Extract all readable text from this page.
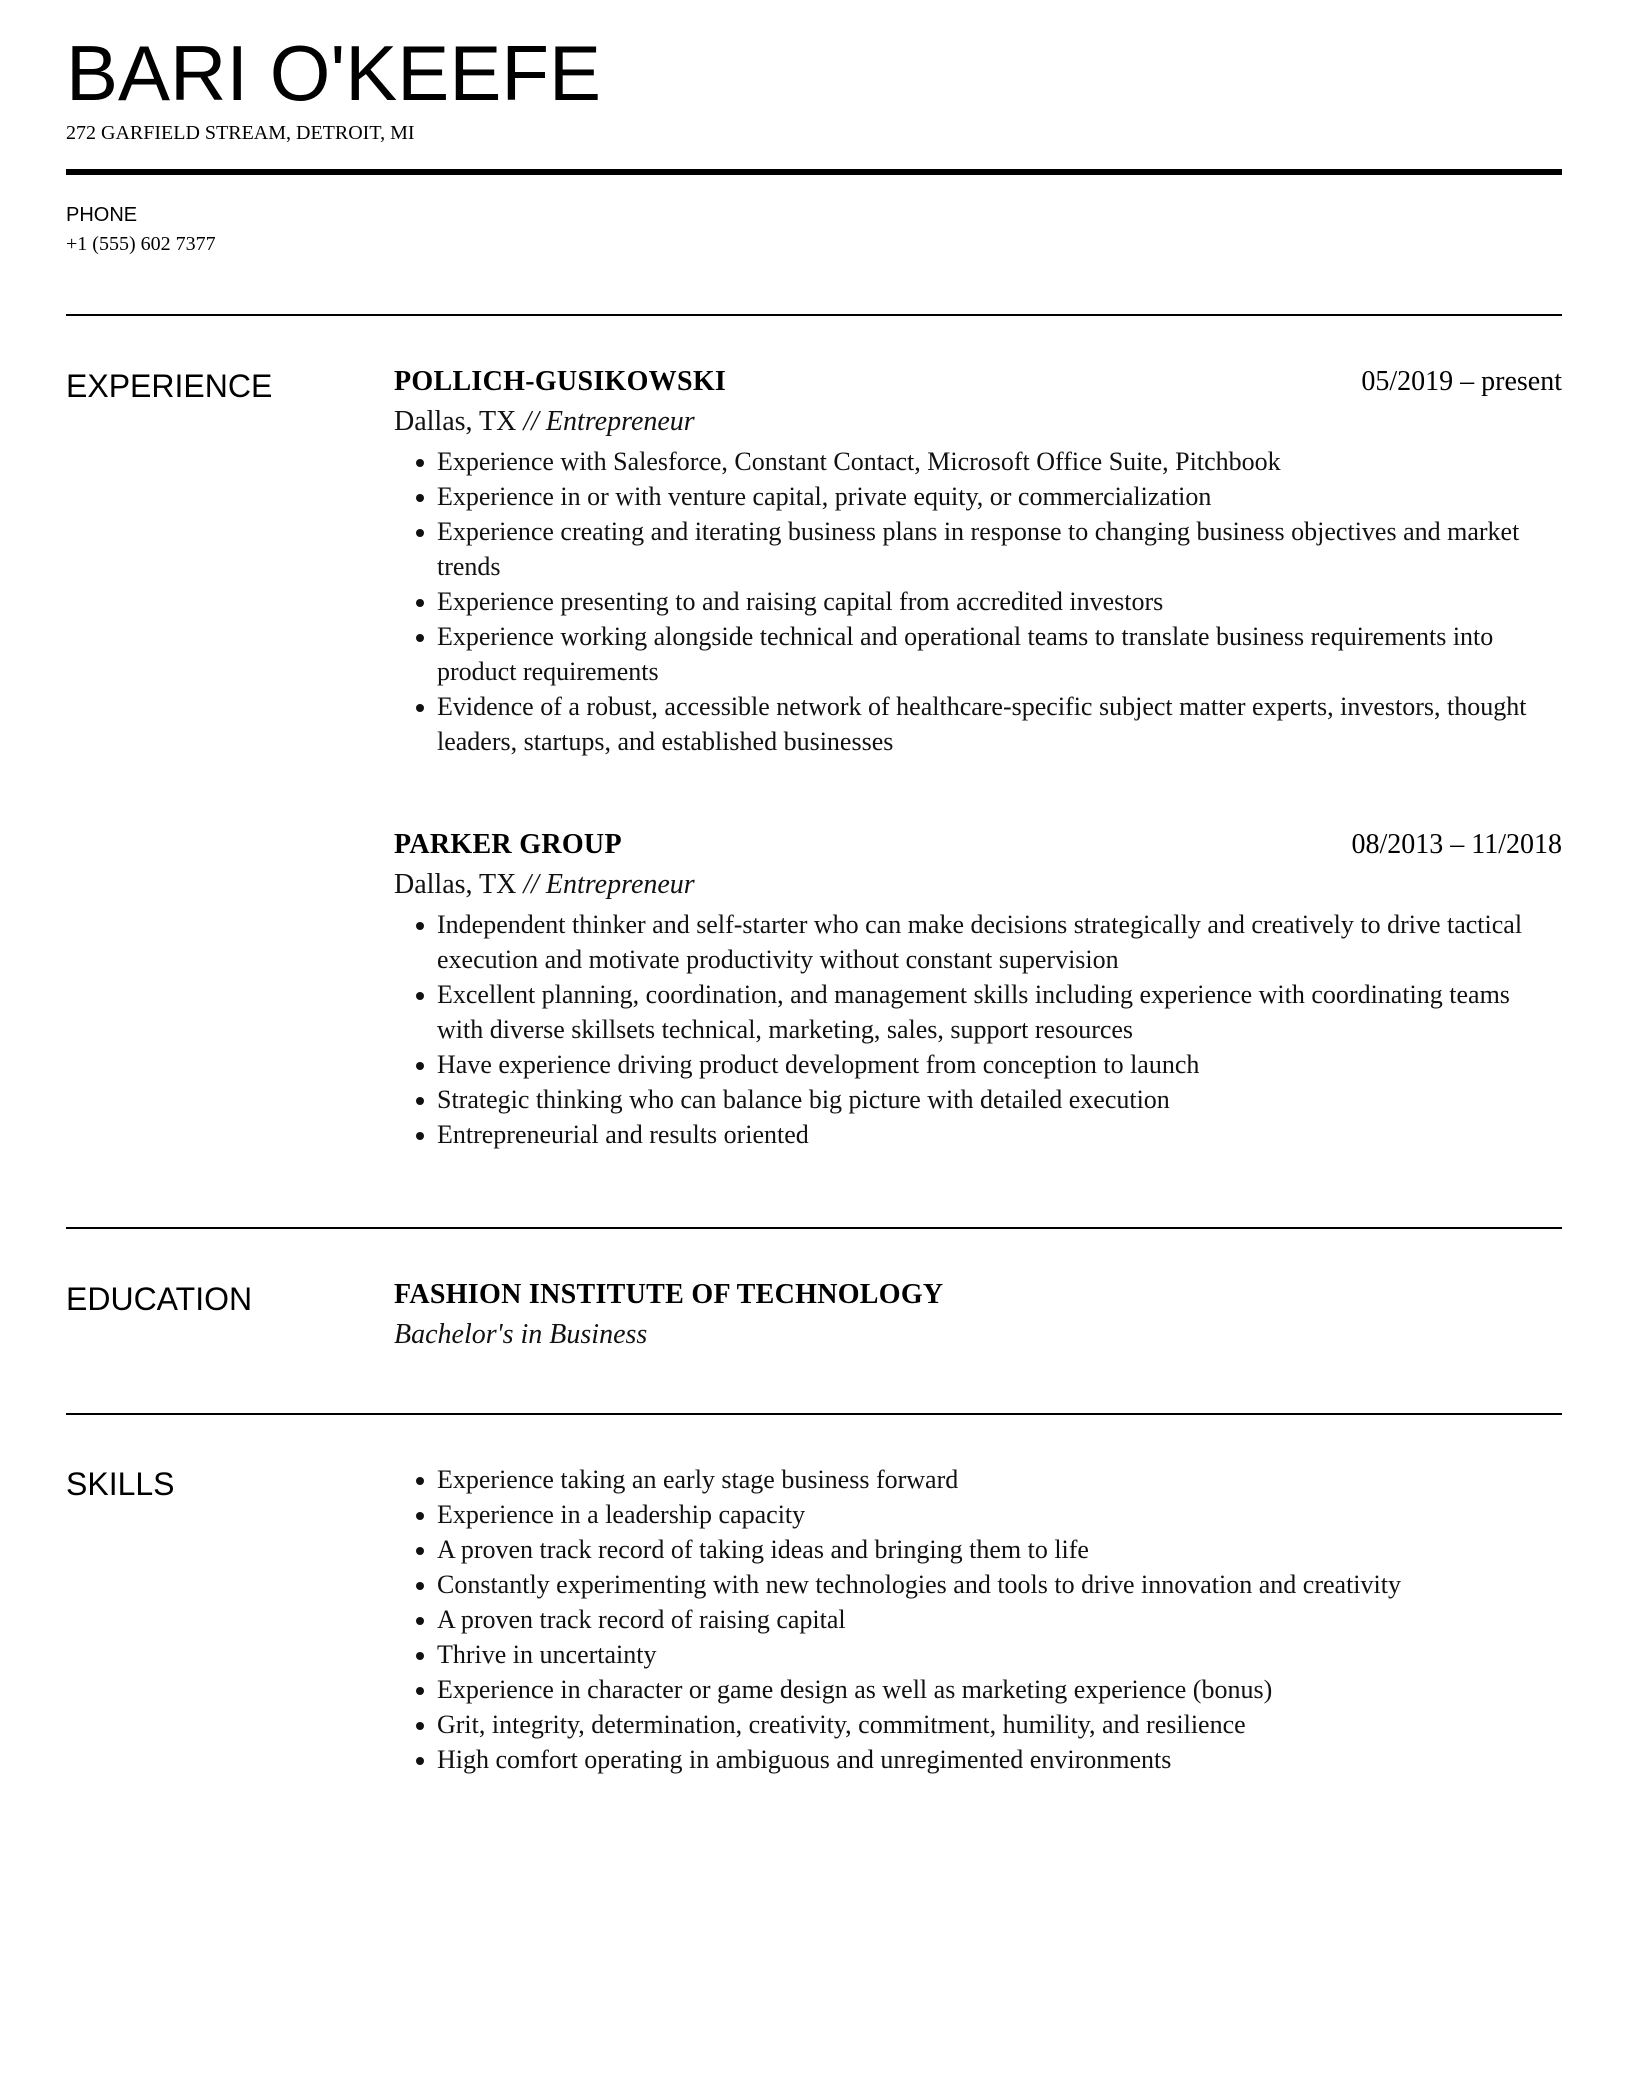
BARI O'KEEFE
272 GARFIELD STREAM, DETROIT, MI
PHONE
+1 (555) 602 7377
EXPERIENCE	POLLICH-GUSIKOWSKI	05/2019 – present
Dallas, TX // Entrepreneur
Experience with Salesforce, Constant Contact, Microsoft Office Suite, Pitchbook
Experience in or with venture capital, private equity, or commercialization
Experience creating and iterating business plans in response to changing business objectives and market trends
Experience presenting to and raising capital from accredited investors
Experience working alongside technical and operational teams to translate business requirements into product requirements
Evidence of a robust, accessible network of healthcare-specific subject matter experts, investors, thought leaders, startups, and established businesses
PARKER GROUP	08/2013 – 11/2018
Dallas, TX // Entrepreneur
Independent thinker and self-starter who can make decisions strategically and creatively to drive tactical execution and motivate productivity without constant supervision
Excellent planning, coordination, and management skills including experience with coordinating teams with diverse skillsets technical, marketing, sales, support resources
Have experience driving product development from conception to launch
Strategic thinking who can balance big picture with detailed execution
Entrepreneurial and results oriented
EDUCATION	FASHION INSTITUTE OF TECHNOLOGY
Bachelor's in Business
SKILLS	Experience taking an early stage business forward
Experience in a leadership capacity
A proven track record of taking ideas and bringing them to life
Constantly experimenting with new technologies and tools to drive innovation and creativity
A proven track record of raising capital
Thrive in uncertainty
Experience in character or game design as well as marketing experience (bonus)
Grit, integrity, determination, creativity, commitment, humility, and resilience
High comfort operating in ambiguous and unregimented environments
